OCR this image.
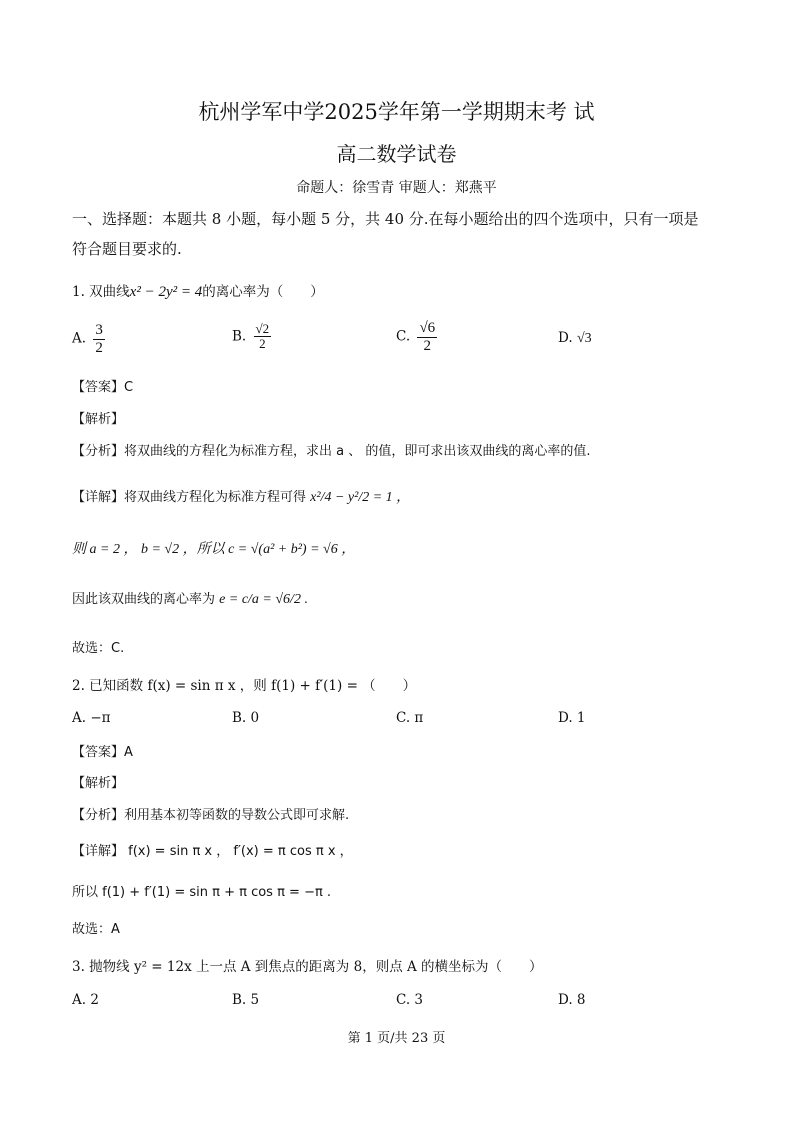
杭州学军中学2025学年第一学期期末考 试
高二数学试卷
命题人：徐雪青 审题人：郑燕平
一、选择题：本题共 8 小题，每小题 5 分，共 40 分.在每小题给出的四个选项中，只有一项是
符合题目要求的.
1. 双曲线x² − 2y² = 4的离心率为（　　）
A. $\frac{3}{2}$	B. $\frac{√2}{2}$	C. $\frac{√6}{2}$	D. √3
【答案】C
【解析】
【分析】将双曲线的方程化为标准方程，求出 a 、 的值，即可求出该双曲线的离心率的值.
【详解】将双曲线方程化为标准方程可得 x²/4 − y²/2 = 1 ，
则 a = 2 ， b = √2 ，所以 c = √(a² + b²) = √6 ，
因此该双曲线的离心率为 e = c/a = √6/2 .
故选：C.
2. 已知函数 f(x) = sin π x ，则 f(1) + f′(1) = （　　）
A. −π	B. 0	C. π	D. 1
【答案】A
【解析】
【分析】利用基本初等函数的导数公式即可求解.
【详解】 f(x) = sin π x ， f′(x) = π cos π x ，
所以 f(1) + f′(1) = sin π + π cos π = −π .
故选：A
3. 抛物线 y² = 12x 上一点 A 到焦点的距离为 8，则点 A 的横坐标为（　　）
A. 2	B. 5	C. 3	D. 8
第 1 页/共 23 页
